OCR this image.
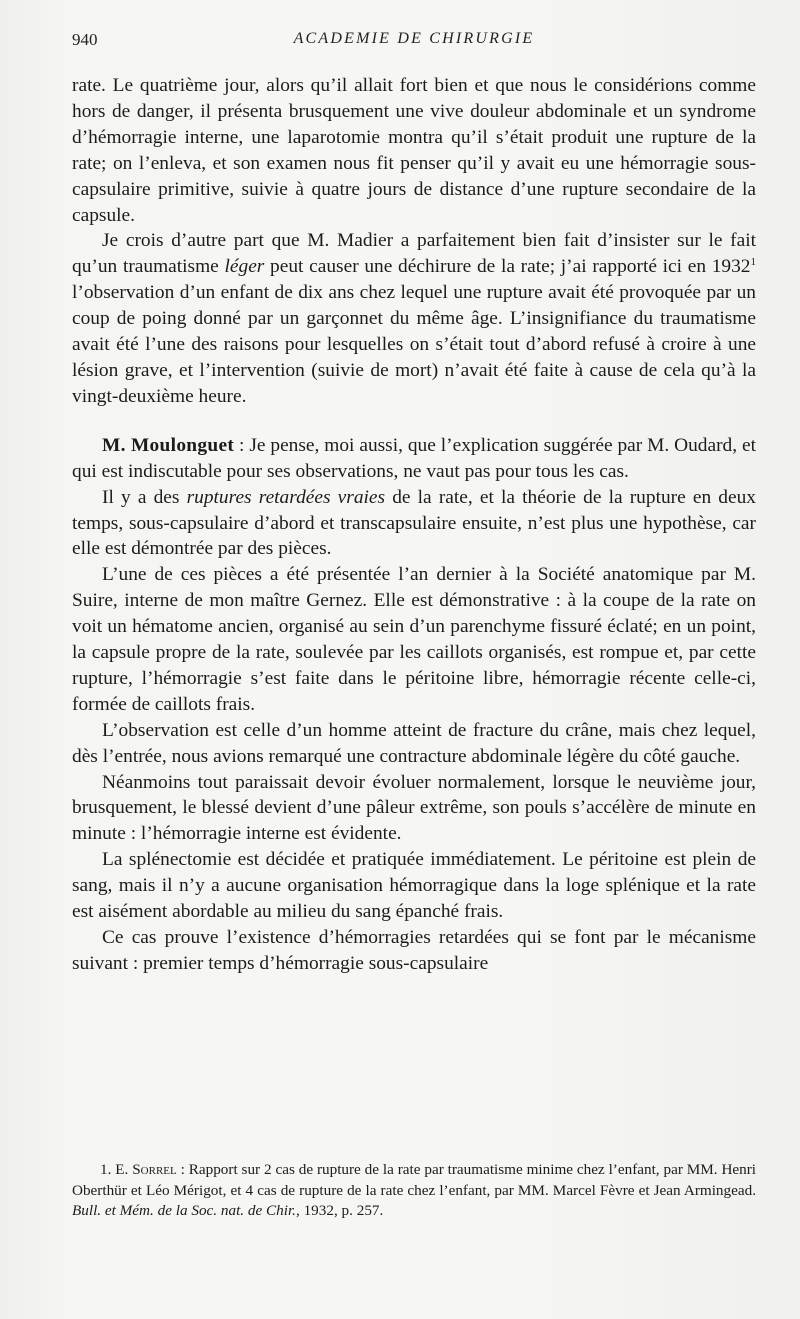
940	ACADEMIE DE CHIRURGIE

rate. Le quatrième jour, alors qu’il allait fort bien et que nous le considérions comme hors de danger, il présenta brusquement une vive douleur abdominale et un syndrome d’hémorragie interne, une laparotomie montra qu’il s’était produit une rupture de la rate; on l’enleva, et son examen nous fit penser qu’il y avait eu une hémorragie sous-capsulaire primitive, suivie à quatre jours de distance d’une rupture secondaire de la capsule.

Je crois d’autre part que M. Madier a parfaitement bien fait d’insister sur le fait qu’un traumatisme léger peut causer une déchirure de la rate; j’ai rapporté ici en 1932$^1$ l’observation d’un enfant de dix ans chez lequel une rupture avait été provoquée par un coup de poing donné par un garçonnet du même âge. L’insignifiance du traumatisme avait été l’une des raisons pour lesquelles on s’était tout d’abord refusé à croire à une lésion grave, et l’intervention (suivie de mort) n’avait été faite à cause de cela qu’à la vingt-deuxième heure.

M. Moulonguet : Je pense, moi aussi, que l’explication suggérée par M. Oudard, et qui est indiscutable pour ses observations, ne vaut pas pour tous les cas.

Il y a des ruptures retardées vraies de la rate, et la théorie de la rupture en deux temps, sous-capsulaire d’abord et transcapsulaire ensuite, n’est plus une hypothèse, car elle est démontrée par des pièces.

L’une de ces pièces a été présentée l’an dernier à la Société anatomique par M. Suire, interne de mon maître Gernez. Elle est démonstrative : à la coupe de la rate on voit un hématome ancien, organisé au sein d’un parenchyme fissuré éclaté; en un point, la capsule propre de la rate, soulevée par les caillots organisés, est rompue et, par cette rupture, l’hémorragie s’est faite dans le péritoine libre, hémorragie récente celle-ci, formée de caillots frais.

L’observation est celle d’un homme atteint de fracture du crâne, mais chez lequel, dès l’entrée, nous avions remarqué une contracture abdominale légère du côté gauche.

Néanmoins tout paraissait devoir évoluer normalement, lorsque le neuvième jour, brusquement, le blessé devient d’une pâleur extrême, son pouls s’accélère de minute en minute : l’hémorragie interne est évidente.

La splénectomie est décidée et pratiquée immédiatement. Le péritoine est plein de sang, mais il n’y a aucune organisation hémorragique dans la loge splénique et la rate est aisément abordable au milieu du sang épanché frais.

Ce cas prouve l’existence d’hémorragies retardées qui se font par le mécanisme suivant : premier temps d’hémorragie sous-capsulaire

1. E. Sorrel : Rapport sur 2 cas de rupture de la rate par traumatisme minime chez l’enfant, par MM. Henri Oberthür et Léo Mérigot, et 4 cas de rupture de la rate chez l’enfant, par MM. Marcel Fèvre et Jean Armingead. Bull. et Mém. de la Soc. nat. de Chir., 1932, p. 257.
